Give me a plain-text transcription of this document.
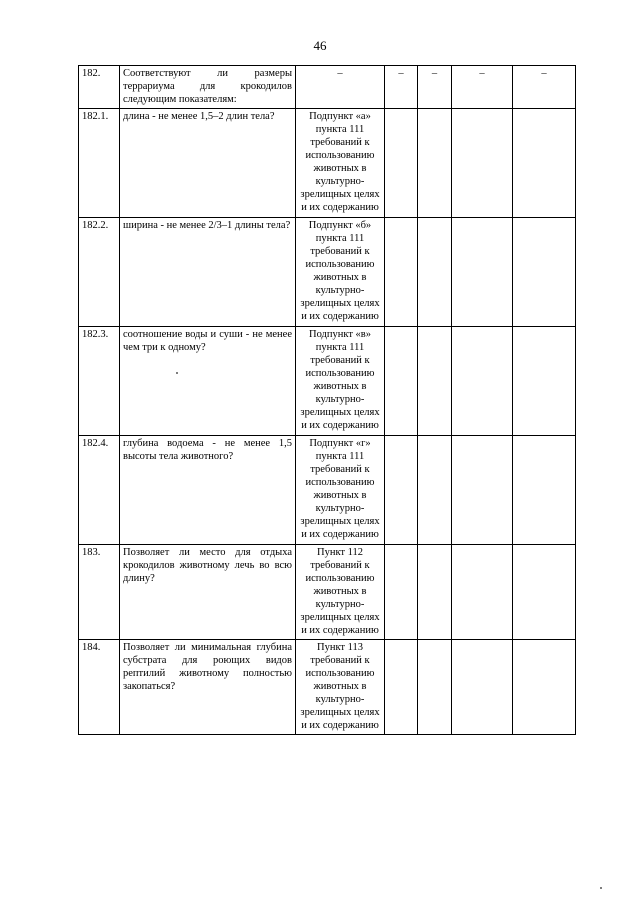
46
182.	Соответствуют ли размеры террариума для крокодилов следующим показателям:	–	–	–	–	–
182.1.	длина - не менее 1,5–2 длин тела?	Подпункт «а» пункта 111 требований к использованию животных в культурно-зрелищных целях и их содержанию				
182.2.	ширина - не менее 2/3–1 длины тела?	Подпункт «б» пункта 111 требований к использованию животных в культурно-зрелищных целях и их содержанию				
182.3.	соотношение воды и суши - не менее чем три к одному?	Подпункт «в» пункта 111 требований к использованию животных в культурно-зрелищных целях и их содержанию				
182.4.	глубина водоема - не менее 1,5 высоты тела животного?	Подпункт «г» пункта 111 требований к использованию животных в культурно-зрелищных целях и их содержанию				
183.	Позволяет ли место для отдыха крокодилов животному лечь во всю длину?	Пункт 112 требований к использованию животных в культурно-зрелищных целях и их содержанию				
184.	Позволяет ли минимальная глубина субстрата для роющих видов рептилий животному полностью закопаться?	Пункт 113 требований к использованию животных в культурно-зрелищных целях и их содержанию				
